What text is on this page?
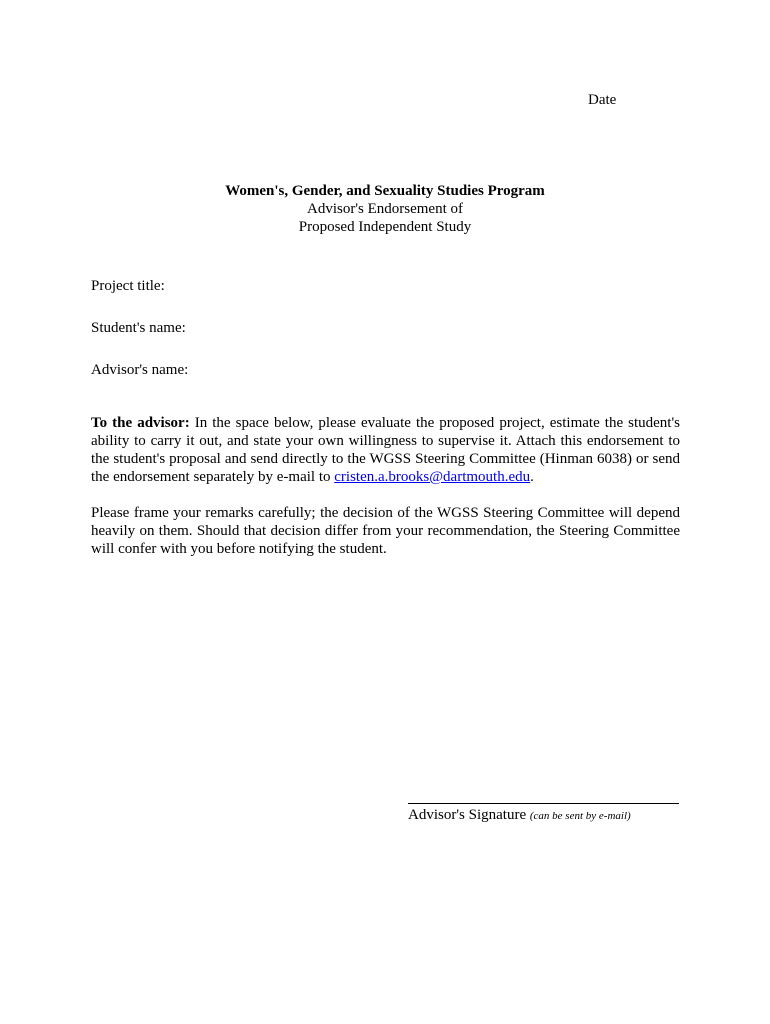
Date
Women's, Gender, and Sexuality Studies Program
Advisor's Endorsement of
Proposed Independent Study
Project title:
Student's name:
Advisor's name:
To the advisor: In the space below, please evaluate the proposed project, estimate the student's ability to carry it out, and state your own willingness to supervise it. Attach this endorsement to the student's proposal and send directly to the WGSS Steering Committee (Hinman 6038) or send the endorsement separately by e-mail to cristen.a.brooks@dartmouth.edu.
Please frame your remarks carefully; the decision of the WGSS Steering Committee will depend heavily on them. Should that decision differ from your recommendation, the Steering Committee will confer with you before notifying the student.
Advisor's Signature (can be sent by e-mail)
